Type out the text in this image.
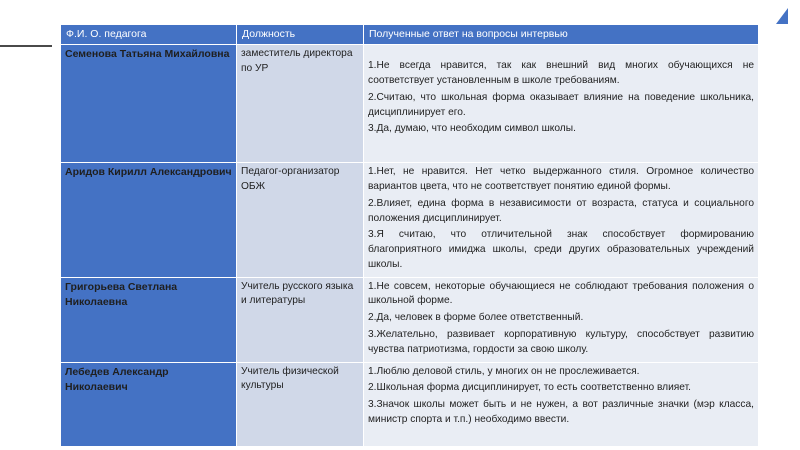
Ф.И. О. педагога	Должность	Полученные ответ на вопросы интервью
Семенова Татьяна Михайловна	заместитель директора по УР	1.Не всегда нравится, так как внешний вид многих обучающихся не соответствует установленным в школе требованиям.

2.Считаю, что школьная форма оказывает влияние на поведение школьника, дисциплинирует его.

3.Да, думаю, что необходим символ школы.

Аридов Кирилл Александрович	Педагог-организатор ОБЖ	1.Нет, не нравится. Нет четко выдержанного стиля. Огромное количество вариантов цвета, что не соответствует понятию единой формы.

2.Влияет, едина форма в независимости от возраста, статуса и социального положения дисциплинирует.

3.Я считаю, что отличительной знак способствует формированию благоприятного имиджа школы, среди других образовательных учреждений школы.

Григорьева Светлана Николаевна	Учитель русского языка и литературы	1.Не совсем, некоторые обучающиеся не соблюдают требования положения о школьной форме.

2.Да, человек в форме более ответственный.

3.Желательно, развивает корпоративную культуру, способствует развитию чувства патриотизма, гордости за свою школу.

Лебедев Александр Николаевич	Учитель физической культуры	1.Люблю деловой стиль, у многих он не прослеживается.

2.Школьная форма дисциплинирует, то есть соответственно влияет.

3.Значок школы может быть и не нужен, а вот различные значки (мэр класса, министр спорта и т.п.) необходимо ввести.
